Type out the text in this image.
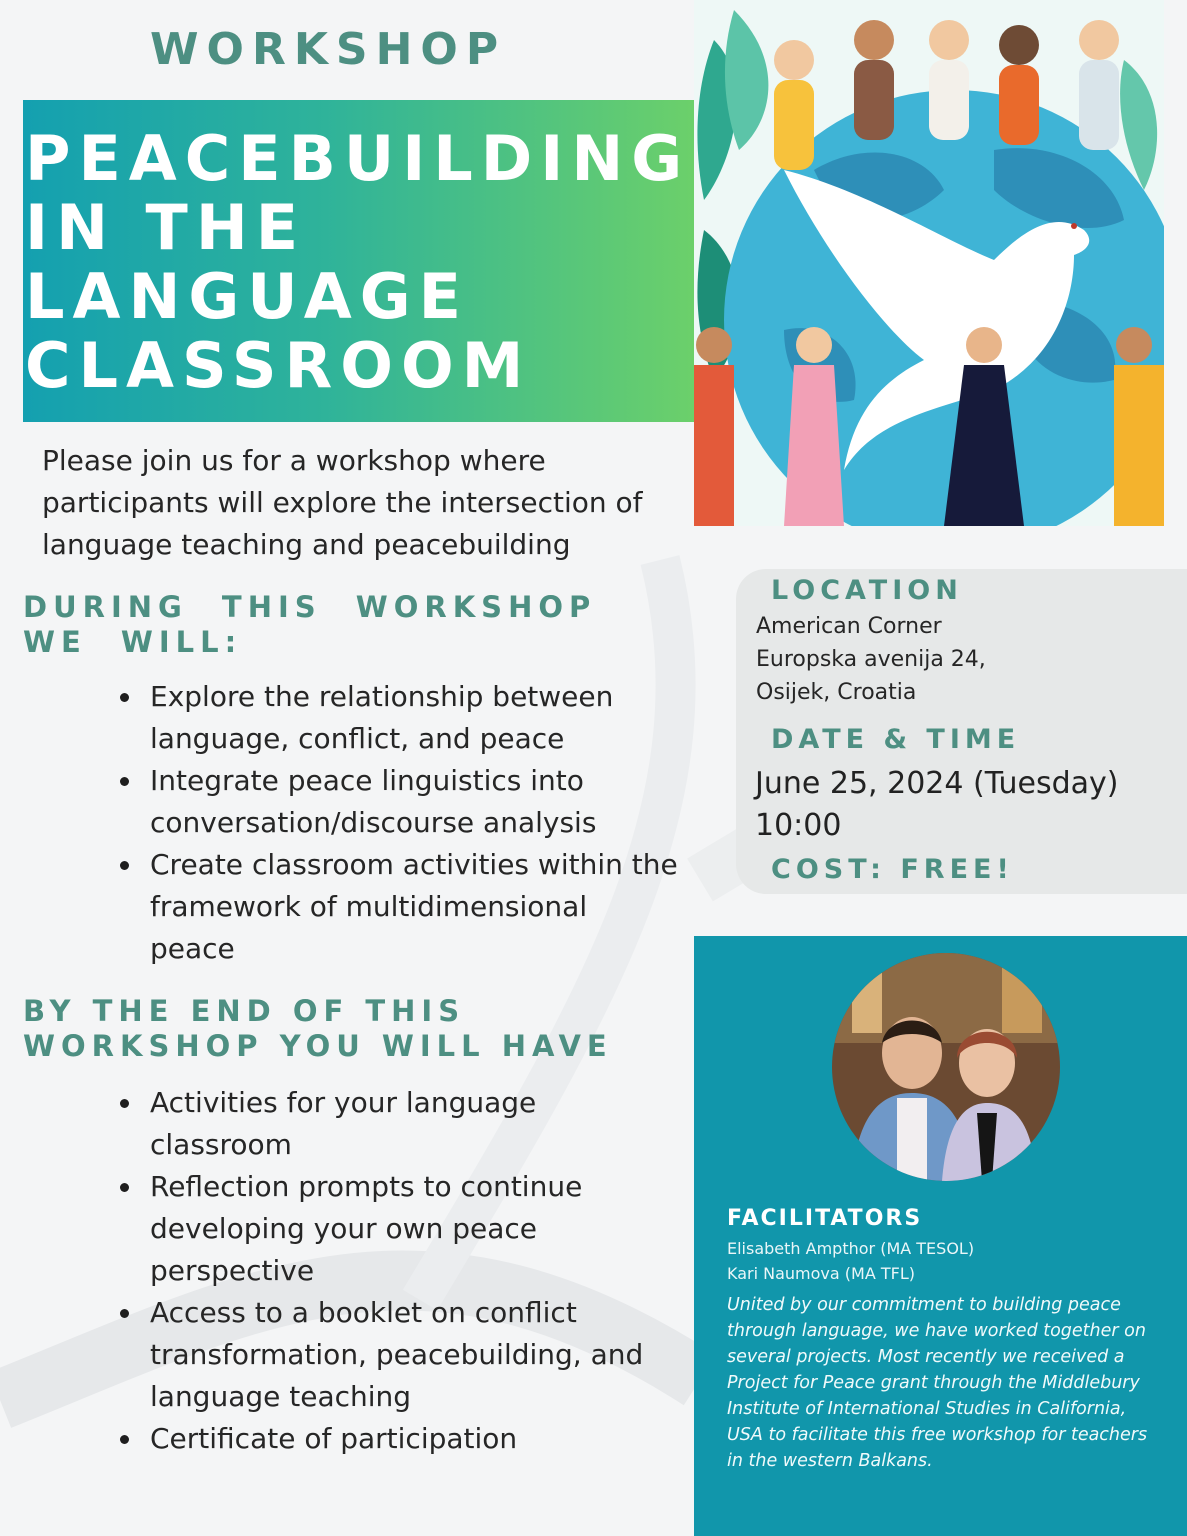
WORKSHOP
PEACEBUILDING
IN THE
LANGUAGE
CLASSROOM

Please join us for a workshop where participants will explore the intersection of language teaching and peacebuilding

DURING THIS WORKSHOP WE WILL:
Explore the relationship between language, conflict, and peace
Integrate peace linguistics into conversation/discourse analysis
Create classroom activities within the framework of multidimensional peace
BY THE END OF THIS WORKSHOP YOU WILL HAVE
Activities for your language classroom
Reflection prompts to continue developing your own peace perspective
Access to a booklet on conflict transformation, peacebuilding, and language teaching
Certificate of participation
LOCATION

American Corner

Europska avenija 24,

Osijek, Croatia

DATE & TIME

June 25, 2024 (Tuesday)

10:00

COST: FREE!
FACILITATORS

Elisabeth Ampthor (MA TESOL)

Kari Naumova (MA TFL)

United by our commitment to building peace through language, we have worked together on several projects. Most recently we received a Project for Peace grant through the Middlebury Institute of International Studies in California, USA to facilitate this free workshop for teachers in the western Balkans.
